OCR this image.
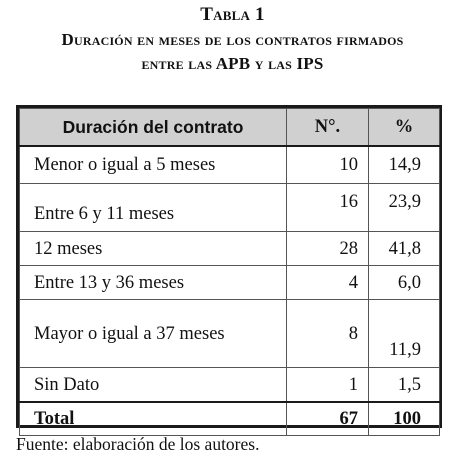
Tabla 1
Duración en meses de los contratos firmados
entre las APB y las IPS
Duración del contrato	N°.	%
Menor o igual a 5 meses	10	14,9
Entre 6 y 11 meses	16	23,9
12 meses	28	41,8
Entre 13 y 36 meses	4	6,0
Mayor o igual a 37 meses	8	11,9
Sin Dato	1	1,5
Total	67	100
Fuente: elaboración de los autores.
